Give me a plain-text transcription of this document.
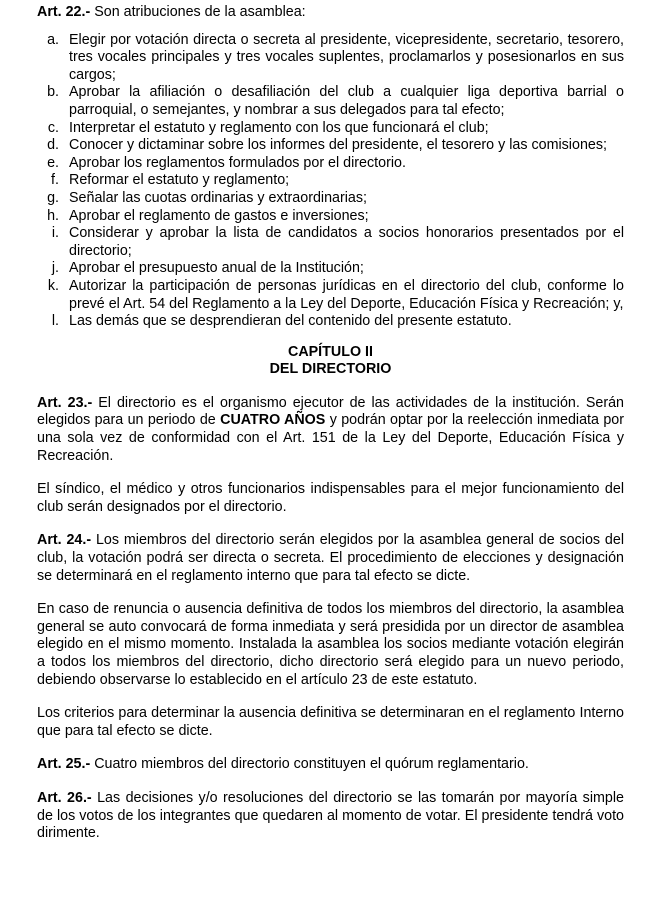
Art. 22.- Son atribuciones de la asamblea:

a. Elegir por votación directa o secreta al presidente, vicepresidente, secretario, tesorero, tres vocales principales y tres vocales suplentes, proclamarlos y posesionarlos en sus cargos;
b. Aprobar la afiliación o desafiliación del club a cualquier liga deportiva barrial o parroquial, o semejantes, y nombrar a sus delegados para tal efecto;
c. Interpretar el estatuto y reglamento con los que funcionará el club;
d. Conocer y dictaminar sobre los informes del presidente, el tesorero y las comisiones;
e. Aprobar los reglamentos formulados por el directorio.
f. Reformar el estatuto y reglamento;
g. Señalar las cuotas ordinarias y extraordinarias;
h. Aprobar el reglamento de gastos e inversiones;
i. Considerar y aprobar la lista de candidatos a socios honorarios presentados por el directorio;
j. Aprobar el presupuesto anual de la Institución;
k. Autorizar la participación de personas jurídicas en el directorio del club, conforme lo prevé el Art. 54 del Reglamento a la Ley del Deporte, Educación Física y Recreación; y,
l. Las demás que se desprendieran del contenido del presente estatuto.

CAPÍTULO II

DEL DIRECTORIO

Art. 23.- El directorio es el organismo ejecutor de las actividades de la institución. Serán elegidos para un periodo de CUATRO AÑOS y podrán optar por la reelección inmediata por una sola vez de conformidad con el Art. 151 de la Ley del Deporte, Educación Física y Recreación.

El síndico, el médico y otros funcionarios indispensables para el mejor funcionamiento del club serán designados por el directorio.

Art. 24.- Los miembros del directorio serán elegidos por la asamblea general de socios del club, la votación podrá ser directa o secreta. El procedimiento de elecciones y designación se determinará en el reglamento interno que para tal efecto se dicte.

En caso de renuncia o ausencia definitiva de todos los miembros del directorio, la asamblea general se auto convocará de forma inmediata y será presidida por un director de asamblea elegido en el mismo momento. Instalada la asamblea los socios mediante votación elegirán a todos los miembros del directorio, dicho directorio será elegido para un nuevo periodo, debiendo observarse lo establecido en el artículo 23 de este estatuto.

Los criterios para determinar la ausencia definitiva se determinaran en el reglamento Interno que para tal efecto se dicte.

Art. 25.- Cuatro miembros del directorio constituyen el quórum reglamentario.

Art. 26.- Las decisiones y/o resoluciones del directorio se las tomarán por mayoría simple de los votos de los integrantes que quedaren al momento de votar. El presidente tendrá voto dirimente.
